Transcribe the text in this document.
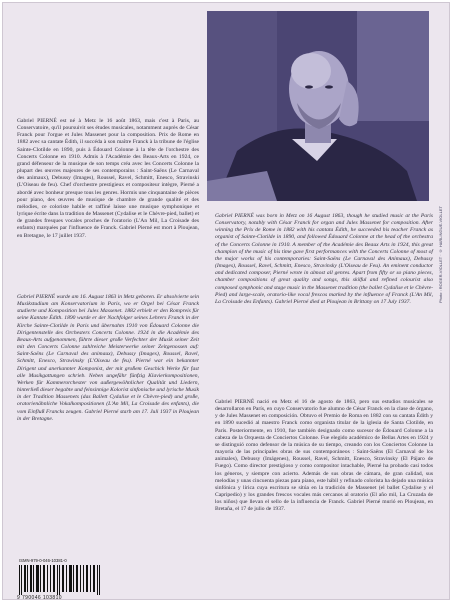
Photo : ROGER-VIOLLET · © HARLINGUE-VIOLLET

Gabriel PIERNÉ est né à Metz le 16 août 1863, mais c'est à Paris, au Conservatoire, qu'il poursuivit ses études musicales, notamment auprès de César Franck pour l'orgue et Jules Massenet pour la composition. Prix de Rome en 1882 avec sa cantate Édith, il succéda à son maître Franck à la tribune de l'église Sainte-Clotilde en 1890, puis à Édouard Colonne à la tête de l'orchestre des Concerts Colonne en 1910. Admis à l'Académie des Beaux-Arts en 1924, ce grand défenseur de la musique de son temps créa avec les Concerts Colonne la plupart des œuvres majeures de ses contemporains : Saint-Saëns (Le Carnaval des animaux), Debussy (Images), Roussel, Ravel, Schmitt, Enesco, Stravinski (L'Oiseau de feu). Chef d'orchestre prestigieux et compositeur intègre, Pierné a abordé avec bonheur presque tous les genres. Hormis une cinquantaine de pièces pour piano, des œuvres de musique de chambre de grande qualité et des mélodies, ce coloriste habile et raffiné laisse une musique symphonique et lyrique écrite dans la tradition de Massenet (Cydalise et le Chèvre-pied, ballet) et de grandes fresques vocales proches de l'oratorio (L'An Mil, La Croisade des enfants) marquées par l'influence de Franck. Gabriel Pierné est mort à Ploujean, en Bretagne, le 17 juillet 1937.

Gabriel PIERNÉ was born in Metz on 16 August 1863, though he studied music at the Paris Conservatory, notably with César Franck for organ and Jules Massenet for composition. After winning the Prix de Rome in 1882 with his cantata Édith, he succeeded his teacher Franck as organist of Sainte-Clotilde in 1890, and followed Édouard Colonne at the head of the orchestra of the Concerts Colonne in 1910. A member of the Académie des Beaux Arts in 1924, this great champion of the music of his time gave first performances with the Concerts Colonne of most of the major works of his contemporaries: Saint-Saëns (Le Carnaval des Animaux), Debussy (Images), Roussel, Ravel, Schmitt, Enesco, Stravinsky (L'Oiseau de Feu). An eminent conductor and dedicated composer, Pierné wrote in almost all genres. Apart from fifty or so piano pieces, chamber compositions of great quality and songs, this skilful and refined colourist also composed symphonic and stage music in the Massenet tradition (the ballet Cydalise et le Chèvre-Pied) and large-scale, oratorio-like vocal frescos marked by the influence of Franck (L'An Mil, La Croisade des Enfants). Gabriel Pierné died at Ploujean in Brittany on 17 July 1937.

Gabriel PIERNÉ wurde am 16. August 1863 in Metz geboren. Er absolvierte sein Musikstudium am Konservatorium in Paris, wo er Orgel bei César Franck studierte und Komposition bei Jules Massenet. 1882 erhielt er den Rompreis für seine Kantate Édith. 1890 wurde er der Nachfolger seines Lehrers Franck in der Kirche Sainte-Clotilde in Paris und übernahm 1910 von Édouard Colonne die Dirigentenstelle des Orchesters Concerts Colonne. 1924 in die Académie des Beaux-Arts aufgenommen, führte dieser große Verfechter der Musik seiner Zeit mit den Concerts Colonne zahlreiche Meisterwerke seiner Zeitgenossen auf: Saint-Saëns (Le Carnaval des animaux), Debussy (Images), Roussel, Ravel, Schmitt, Enesco, Strawinsky (L'Oiseau de feu). Pierné war ein bekannter Dirigent und anerkannter Komponist, der mit großem Geschick Werke für fast alle Musikgattungen schrieb. Neben ungefähr fünfzig Klavierkompositionen, Werken für Kammerorchester von außergewöhnlicher Qualität und Liedern, hinterließ dieser begabte und feinsinnige Kolorist sinfonische und lyrische Musik in der Tradition Massenets (das Ballett Cydalise et le Chèvre-pied) und große, oratorienähnliche Vokalkompositionen (L'An Mil, La Croisade des enfants), die vom Einfluß Francks zeugen. Gabriel Pierné starb am 17. Juli 1937 in Ploujean in der Bretagne.

Gabriel PIERNÉ nació en Metz el 16 de agosto de 1863, pero sus estudios musicales se desarrollaron en París, en cuyo Conservatorio fue alumno de César Franck en la clase de órgano, y de Jules Massenet en composición. Obtuvo el Premio de Roma en 1882 con su cantata Édith y en 1890 sucedió al maestro Franck como organista titular de la iglesia de Santa Clotilde, en París. Posteriormente, en 1910, fue también designado como sucesor de Édouard Colonne a la cabeza de la Orquesta de Conciertos Colonne. Fue elegido académico de Bellas Artes en 1924 y se distinguió como defensor de la música de su tiempo, creando con los Conciertos Colonne la mayoría de las principales obras de sus contemporáneos : Saint-Saëns (El Carnaval de los animales), Debussy (Imágenes), Roussel, Ravel, Schmitt, Enesco, Stravinsky (El Pájaro de Fuego). Como director prestigioso y como compositor intachable, Pierné ha probado casi todos los géneros, y siempre con acierto. Además de sus obras de cámara, de gran calidad, sus melodías y unas cincuenta piezas para piano, este hábil y refinado colorista ha dejado una música sinfónica y lírica cuya escritura se sitúa en la tradición de Massenet (el ballet Cydalise y el Capripedio) y los grandes frescos vocales más cercanos al oratorio (El año mil, La Cruzada de los niños) que llevan el sello de la influencia de Franck. Gabriel Pierné murió en Ploujean, en Bretaña, el 17 de julio de 1937.

ISMN-979-0-046-10381-0
9 790046 103810
